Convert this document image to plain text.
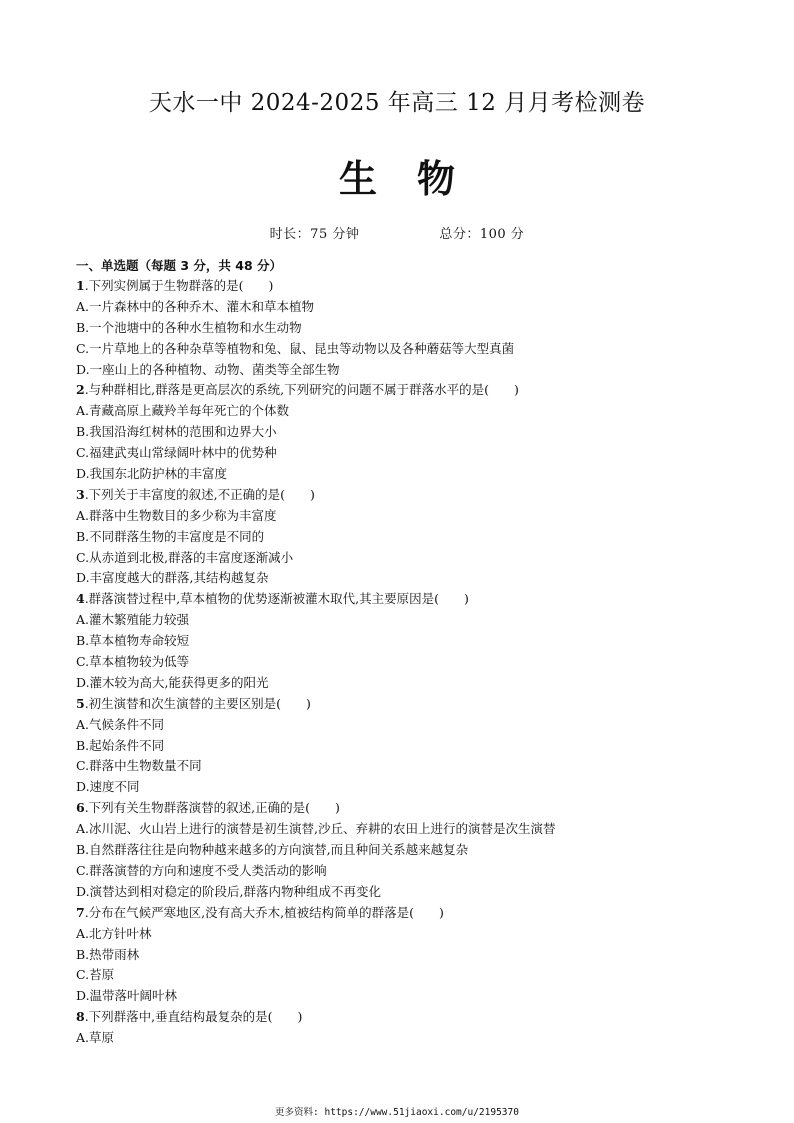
天水一中 2024-2025 年高三 12 月月考检测卷
生 物
时长：75 分钟	总分：100 分
一、单选题（每题 3 分，共 48 分）
1.下列实例属于生物群落的是(　　)
A.一片森林中的各种乔木、灌木和草本植物
B.一个池塘中的各种水生植物和水生动物
C.一片草地上的各种杂草等植物和兔、鼠、昆虫等动物以及各种蘑菇等大型真菌
D.一座山上的各种植物、动物、菌类等全部生物
2.与种群相比,群落是更高层次的系统,下列研究的问题不属于群落水平的是(　　)
A.青藏高原上藏羚羊每年死亡的个体数
B.我国沿海红树林的范围和边界大小
C.福建武夷山常绿阔叶林中的优势种
D.我国东北防护林的丰富度
3.下列关于丰富度的叙述,不正确的是(　　)
A.群落中生物数目的多少称为丰富度
B.不同群落生物的丰富度是不同的
C.从赤道到北极,群落的丰富度逐渐减小
D.丰富度越大的群落,其结构越复杂
4.群落演替过程中,草本植物的优势逐渐被灌木取代,其主要原因是(　　)
A.灌木繁殖能力较强
B.草本植物寿命较短
C.草本植物较为低等
D.灌木较为高大,能获得更多的阳光
5.初生演替和次生演替的主要区别是(　　)
A.气候条件不同
B.起始条件不同
C.群落中生物数量不同
D.速度不同
6.下列有关生物群落演替的叙述,正确的是(　　)
A.冰川泥、火山岩上进行的演替是初生演替,沙丘、弃耕的农田上进行的演替是次生演替
B.自然群落往往是向物种越来越多的方向演替,而且种间关系越来越复杂
C.群落演替的方向和速度不受人类活动的影响
D.演替达到相对稳定的阶段后,群落内物种组成不再变化
7.分布在气候严寒地区,没有高大乔木,植被结构简单的群落是(　　)
A.北方针叶林
B.热带雨林
C.苔原
D.温带落叶阔叶林
8.下列群落中,垂直结构最复杂的是(　　)
A.草原
更多资料: https://www.51jiaoxi.com/u/2195370
